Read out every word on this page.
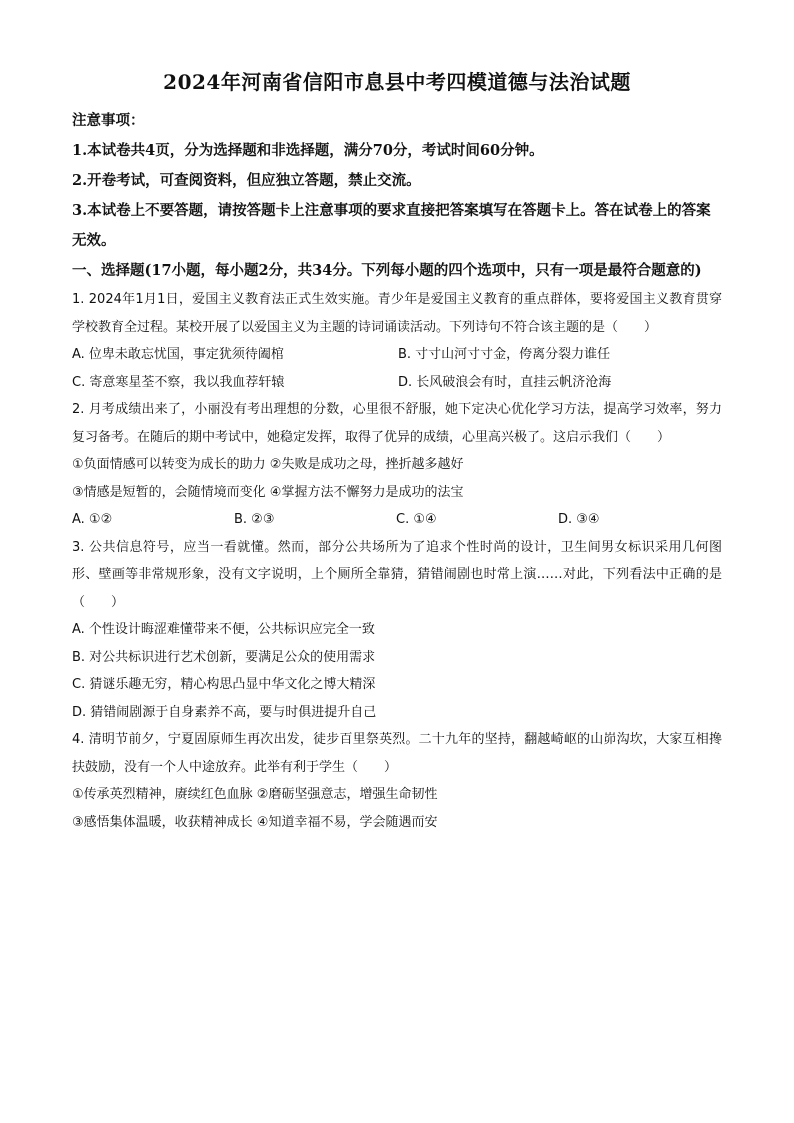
2024年河南省信阳市息县中考四模道德与法治试题

注意事项：

1.本试卷共4页，分为选择题和非选择题，满分70分，考试时间60分钟。

2.开卷考试，可查阅资料，但应独立答题，禁止交流。

3.本试卷上不要答题，请按答题卡上注意事项的要求直接把答案填写在答题卡上。答在试卷上的答案无效。

一、选择题(17小题，每小题2分，共34分。下列每小题的四个选项中，只有一项是最符合题意的)

1. 2024年1月1日，爱国主义教育法正式生效实施。青少年是爱国主义教育的重点群体，要将爱国主义教育贯穿学校教育全过程。某校开展了以爱国主义为主题的诗词诵读活动。下列诗句不符合该主题的是（　　）

A. 位卑未敢忘忧国，事定犹须待阖棺	B. 寸寸山河寸寸金，侉离分裂力谁任
C. 寄意寒星荃不察，我以我血荐轩辕	D. 长风破浪会有时，直挂云帆济沧海

2. 月考成绩出来了，小丽没有考出理想的分数，心里很不舒服，她下定决心优化学习方法，提高学习效率，努力复习备考。在随后的期中考试中，她稳定发挥，取得了优异的成绩，心里高兴极了。这启示我们（　　）

①负面情感可以转变为成长的助力 ②失败是成功之母，挫折越多越好

③情感是短暂的，会随情境而变化 ④掌握方法不懈努力是成功的法宝

A. ①②	B. ②③	C. ①④	D. ③④

3. 公共信息符号，应当一看就懂。然而，部分公共场所为了追求个性时尚的设计，卫生间男女标识采用几何图形、壁画等非常规形象，没有文字说明，上个厕所全靠猜，猜错闹剧也时常上演……对此，下列看法中正确的是（　　）

A. 个性设计晦涩难懂带来不便，公共标识应完全一致

B. 对公共标识进行艺术创新，要满足公众的使用需求

C. 猜谜乐趣无穷，精心构思凸显中华文化之博大精深

D. 猜错闹剧源于自身素养不高，要与时俱进提升自己

4. 清明节前夕，宁夏固原师生再次出发，徒步百里祭英烈。二十九年的坚持，翻越崎岖的山峁沟坎，大家互相搀扶鼓励，没有一个人中途放弃。此举有利于学生（　　）

①传承英烈精神，赓续红色血脉 ②磨砺坚强意志，增强生命韧性

③感悟集体温暖，收获精神成长 ④知道幸福不易，学会随遇而安
